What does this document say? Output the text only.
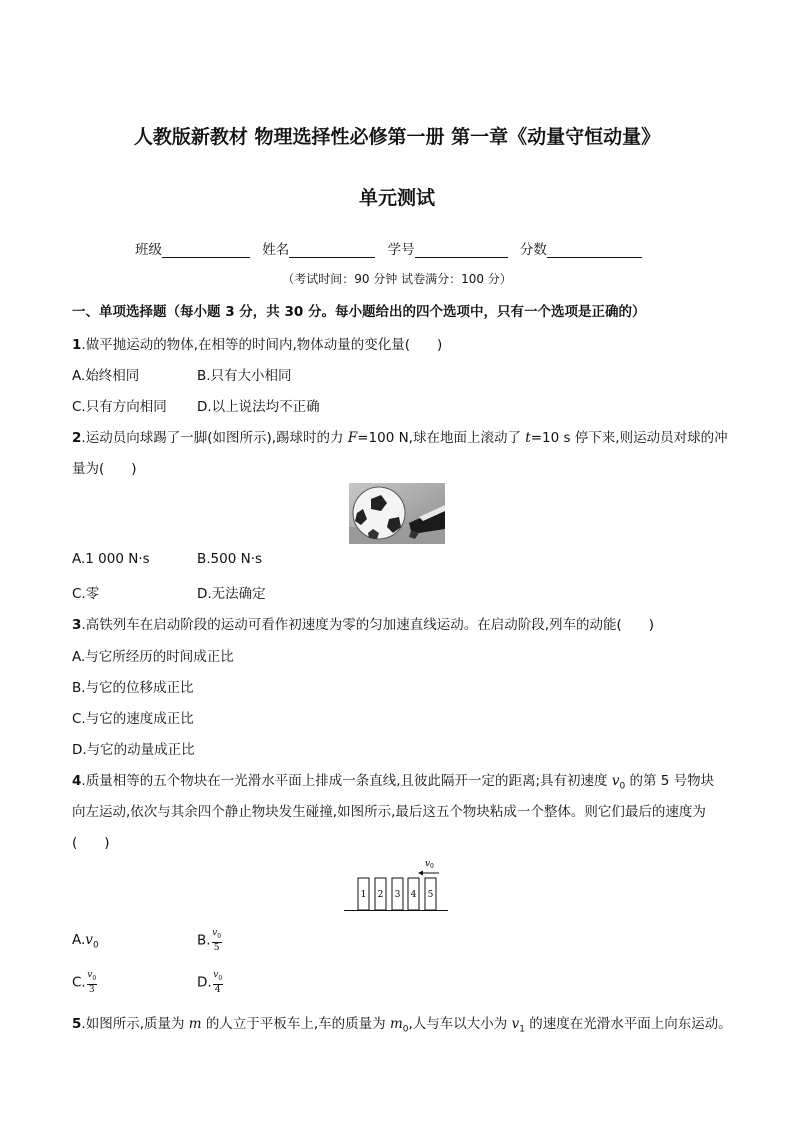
人教版新教材 物理选择性必修第一册 第一章《动量守恒动量》
单元测试
班级	姓名	学号	分数
（考试时间：90 分钟 试卷满分：100 分）
一、单项选择题（每小题 3 分，共 30 分。每小题给出的四个选项中，只有一个选项是正确的）
1.做平抛运动的物体,在相等的时间内,物体动量的变化量(　　)
A.始终相同	B.只有大小相同
C.只有方向相同 D.以上说法均不正确
2.运动员向球踢了一脚(如图所示),踢球时的力 F=100 N,球在地面上滚动了 t=10 s 停下来,则运动员对球的冲
量为(　　)
A.1 000 N·s	B.500 N·s
C.零	D.无法确定
3.高铁列车在启动阶段的运动可看作初速度为零的匀加速直线运动。在启动阶段,列车的动能(　　)
A.与它所经历的时间成正比
B.与它的位移成正比
C.与它的速度成正比
D.与它的动量成正比
4.质量相等的五个物块在一光滑水平面上排成一条直线,且彼此隔开一定的距离;具有初速度 $v_0$ 的第 5 号物块
向左运动,依次与其余四个静止物块发生碰撞,如图所示,最后这五个物块粘成一个整体。则它们最后的速度为
(　　)
v 0
1 2 3 4 5
$A.v_0$	B. $\frac{v_0}{5}$
C. $\frac{v_0}{3}$	D. $\frac{v_0}{4}$
5.如图所示,质量为 m 的人立于平板车上,车的质量为 $m_0$,人与车以大小为 $v_1$ 的速度在光滑水平面上向东运动。
